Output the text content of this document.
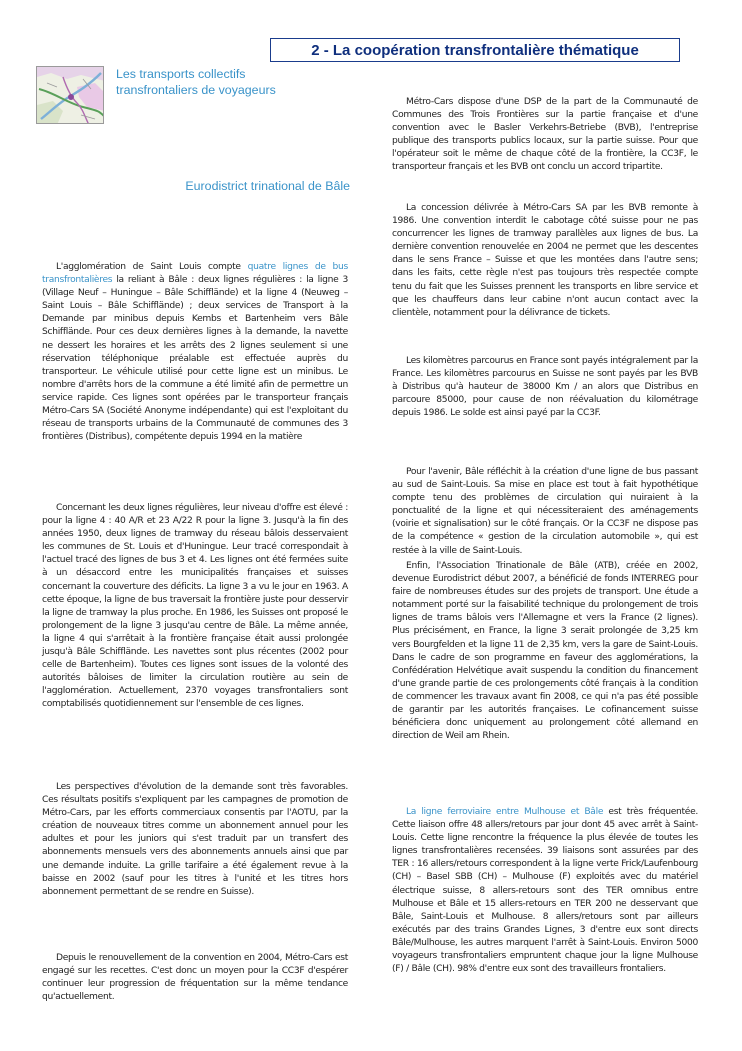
2 - La coopération transfrontalière thématique
Les transports collectifs
transfrontaliers de voyageurs
Eurodistrict trinational de Bâle

L'agglomération de Saint Louis compte quatre lignes de bus transfrontalières la reliant à Bâle : deux lignes régulières : la ligne 3 (Village Neuf – Huningue – Bâle Schifflände) et la ligne 4 (Neuweg – Saint Louis – Bâle Schifflände) ; deux services de Transport à la Demande par minibus depuis Kembs et Bartenheim vers Bâle Schifflände. Pour ces deux dernières lignes à la demande, la navette ne dessert les horaires et les arrêts des 2 lignes seulement si une réservation téléphonique préalable est effectuée auprès du transporteur. Le véhicule utilisé pour cette ligne est un minibus. Le nombre d'arrêts hors de la commune a été limité afin de permettre un service rapide. Ces lignes sont opérées par le transporteur français Métro-Cars SA (Société Anonyme indépendante) qui est l'exploitant du réseau de transports urbains de la Communauté de communes des 3 frontières (Distribus), compétente depuis 1994 en la matière

Concernant les deux lignes régulières, leur niveau d'offre est élevé : pour la ligne 4 : 40 A/R et 23 A/22 R pour la ligne 3. Jusqu'à la fin des années 1950, deux lignes de tramway du réseau bâlois desservaient les communes de St. Louis et d'Huningue. Leur tracé correspondait à l'actuel tracé des lignes de bus 3 et 4. Les lignes ont été fermées suite à un désaccord entre les municipalités françaises et suisses concernant la couverture des déficits. La ligne 3 a vu le jour en 1963. A cette époque, la ligne de bus traversait la frontière juste pour desservir la ligne de tramway la plus proche. En 1986, les Suisses ont proposé le prolongement de la ligne 3 jusqu'au centre de Bâle. La même année, la ligne 4 qui s'arrêtait à la frontière française était aussi prolongée jusqu'à Bâle Schifflände. Les navettes sont plus récentes (2002 pour celle de Bartenheim). Toutes ces lignes sont issues de la volonté des autorités bâloises de limiter la circulation routière au sein de l'agglomération. Actuellement, 2370 voyages transfrontaliers sont comptabilisés quotidiennement sur l'ensemble de ces lignes.

Les perspectives d'évolution de la demande sont très favorables. Ces résultats positifs s'expliquent par les campagnes de promotion de Métro-Cars, par les efforts commerciaux consentis par l'AOTU, par la création de nouveaux titres comme un abonnement annuel pour les adultes et pour les juniors qui s'est traduit par un transfert des abonnements mensuels vers des abonnements annuels ainsi que par une demande induite. La grille tarifaire a été également revue à la baisse en 2002 (sauf pour les titres à l'unité et les titres hors abonnement permettant de se rendre en Suisse).

Depuis le renouvellement de la convention en 2004, Métro-Cars est engagé sur les recettes. C'est donc un moyen pour la CC3F d'espérer continuer leur progression de fréquentation sur la même tendance qu'actuellement.

Métro-Cars dispose d'une DSP de la part de la Communauté de Communes des Trois Frontières sur la partie française et d'une convention avec le Basler Verkehrs-Betriebe (BVB), l'entreprise publique des transports publics locaux, sur la partie suisse. Pour que l'opérateur soit le même de chaque côté de la frontière, la CC3F, le transporteur français et les BVB ont conclu un accord tripartite.

La concession délivrée à Métro-Cars SA par les BVB remonte à 1986. Une convention interdit le cabotage côté suisse pour ne pas concurrencer les lignes de tramway parallèles aux lignes de bus. La dernière convention renouvelée en 2004 ne permet que les descentes dans le sens France – Suisse et que les montées dans l'autre sens; dans les faits, cette règle n'est pas toujours très respectée compte tenu du fait que les Suisses prennent les transports en libre service et que les chauffeurs dans leur cabine n'ont aucun contact avec la clientèle, notamment pour la délivrance de tickets.

Les kilomètres parcourus en France sont payés intégralement par la France. Les kilomètres parcourus en Suisse ne sont payés par les BVB à Distribus qu'à hauteur de 38000 Km / an alors que Distribus en parcoure 85000, pour cause de non réévaluation du kilométrage depuis 1986. Le solde est ainsi payé par la CC3F.

Pour l'avenir, Bâle réfléchit à la création d'une ligne de bus passant au sud de Saint-Louis. Sa mise en place est tout à fait hypothétique compte tenu des problèmes de circulation qui nuiraient à la ponctualité de la ligne et qui nécessiteraient des aménagements (voirie et signalisation) sur le côté français. Or la CC3F ne dispose pas de la compétence « gestion de la circulation automobile », qui est restée à la ville de Saint-Louis.

Enfin, l'Association Trinationale de Bâle (ATB), créée en 2002, devenue Eurodistrict début 2007, a bénéficié de fonds INTERREG pour faire de nombreuses études sur des projets de transport. Une étude a notamment porté sur la faisabilité technique du prolongement de trois lignes de trams bâlois vers l'Allemagne et vers la France (2 lignes). Plus précisément, en France, la ligne 3 serait prolongée de 3,25 km vers Bourgfelden et la ligne 11 de 2,35 km, vers la gare de Saint-Louis. Dans le cadre de son programme en faveur des agglomérations, la Confédération Helvétique avait suspendu la condition du financement d'une grande partie de ces prolongements côté français à la condition de commencer les travaux avant fin 2008, ce qui n'a pas été possible de garantir par les autorités françaises. Le cofinancement suisse bénéficiera donc uniquement au prolongement côté allemand en direction de Weil am Rhein.

La ligne ferroviaire entre Mulhouse et Bâle est très fréquentée. Cette liaison offre 48 allers/retours par jour dont 45 avec arrêt à Saint-Louis. Cette ligne rencontre la fréquence la plus élevée de toutes les lignes transfrontalières recensées. 39 liaisons sont assurées par des TER : 16 allers/retours correspondent à la ligne verte Frick/Laufenbourg (CH) – Basel SBB (CH) – Mulhouse (F) exploités avec du matériel électrique suisse, 8 allers-retours sont des TER omnibus entre Mulhouse et Bâle et 15 allers-retours en TER 200 ne desservant que Bâle, Saint-Louis et Mulhouse. 8 allers/retours sont par ailleurs exécutés par des trains Grandes Lignes, 3 d'entre eux sont directs Bâle/Mulhouse, les autres marquent l'arrêt à Saint-Louis. Environ 5000 voyageurs transfrontaliers empruntent chaque jour la ligne Mulhouse (F) / Bâle (CH). 98% d'entre eux sont des travailleurs frontaliers.
